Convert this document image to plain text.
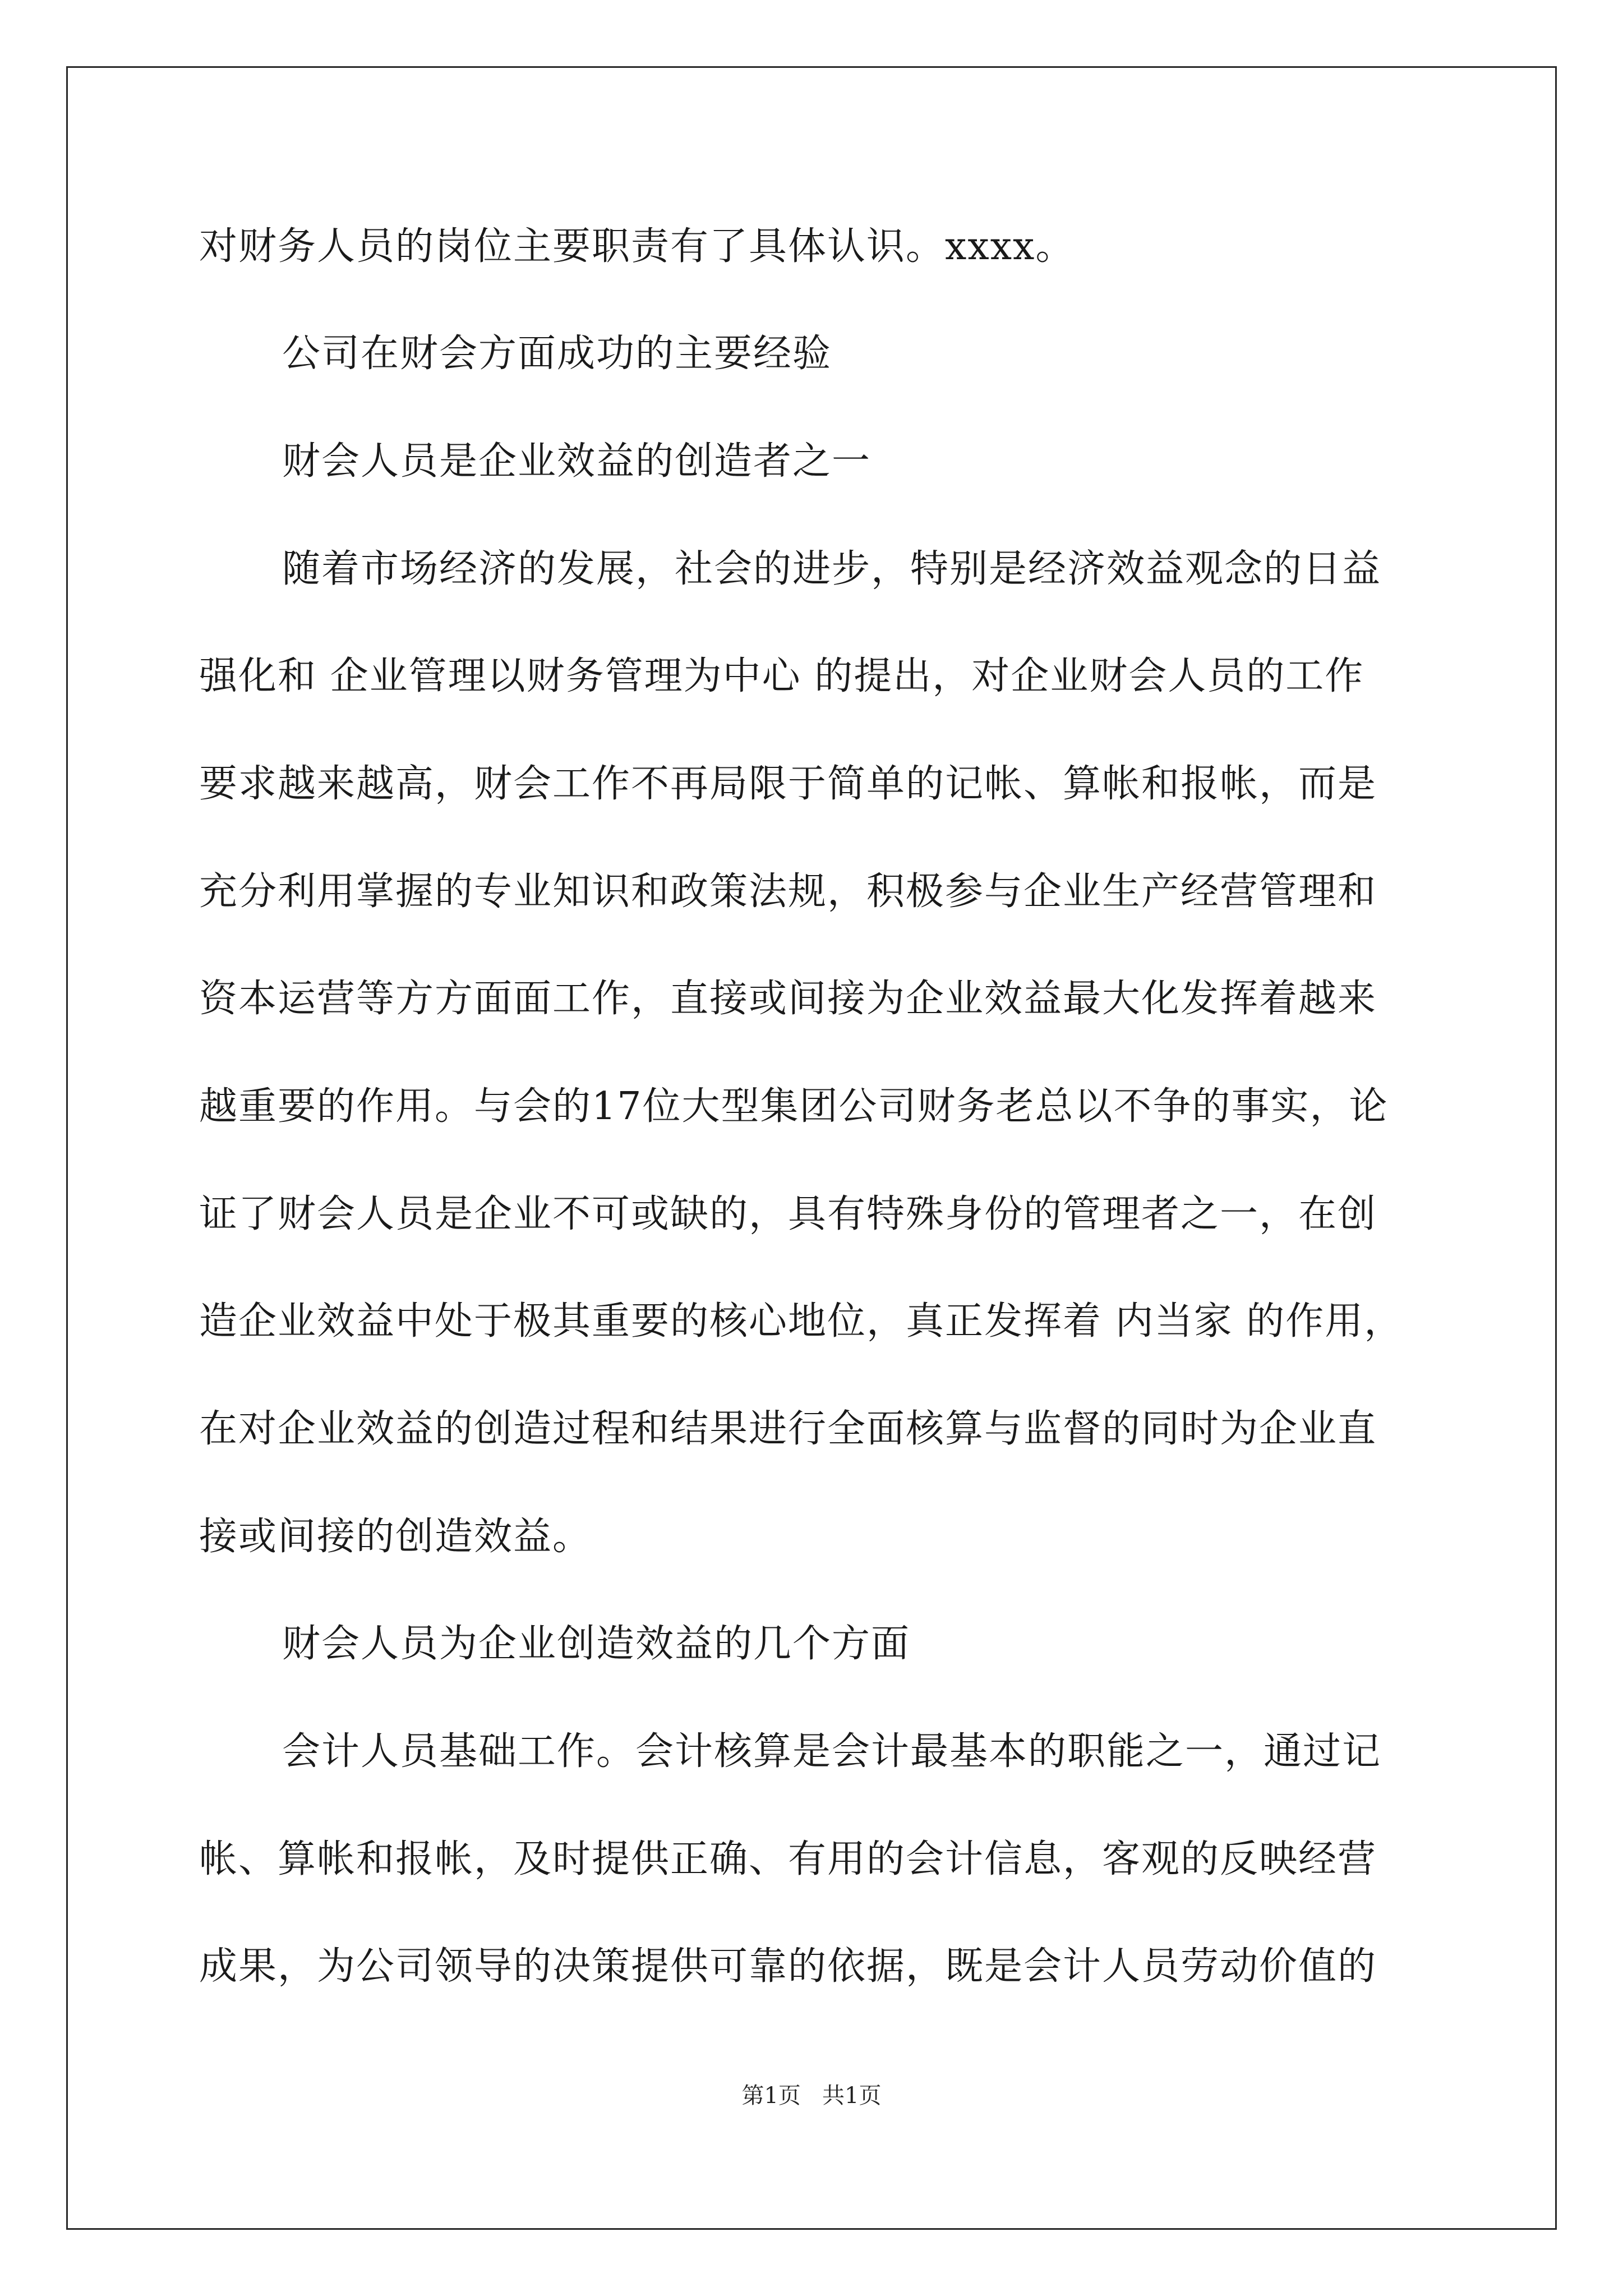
对财务人员的岗位主要职责有了具体认识。xxxx。
公司在财会方面成功的主要经验
财会人员是企业效益的创造者之一
随着市场经济的发展，社会的进步，特别是经济效益观念的日益
强化和 企业管理以财务管理为中心 的提出，对企业财会人员的工作
要求越来越高，财会工作不再局限于简单的记帐、算帐和报帐，而是
充分利用掌握的专业知识和政策法规，积极参与企业生产经营管理和
资本运营等方方面面工作，直接或间接为企业效益最大化发挥着越来
越重要的作用。与会的17位大型集团公司财务老总以不争的事实，论
证了财会人员是企业不可或缺的，具有特殊身份的管理者之一，在创
造企业效益中处于极其重要的核心地位，真正发挥着 内当家 的作用，
在对企业效益的创造过程和结果进行全面核算与监督的同时为企业直
接或间接的创造效益。
财会人员为企业创造效益的几个方面
会计人员基础工作。会计核算是会计最基本的职能之一，通过记
帐、算帐和报帐，及时提供正确、有用的会计信息，客观的反映经营
成果，为公司领导的决策提供可靠的依据，既是会计人员劳动价值的
第1页   共1页
